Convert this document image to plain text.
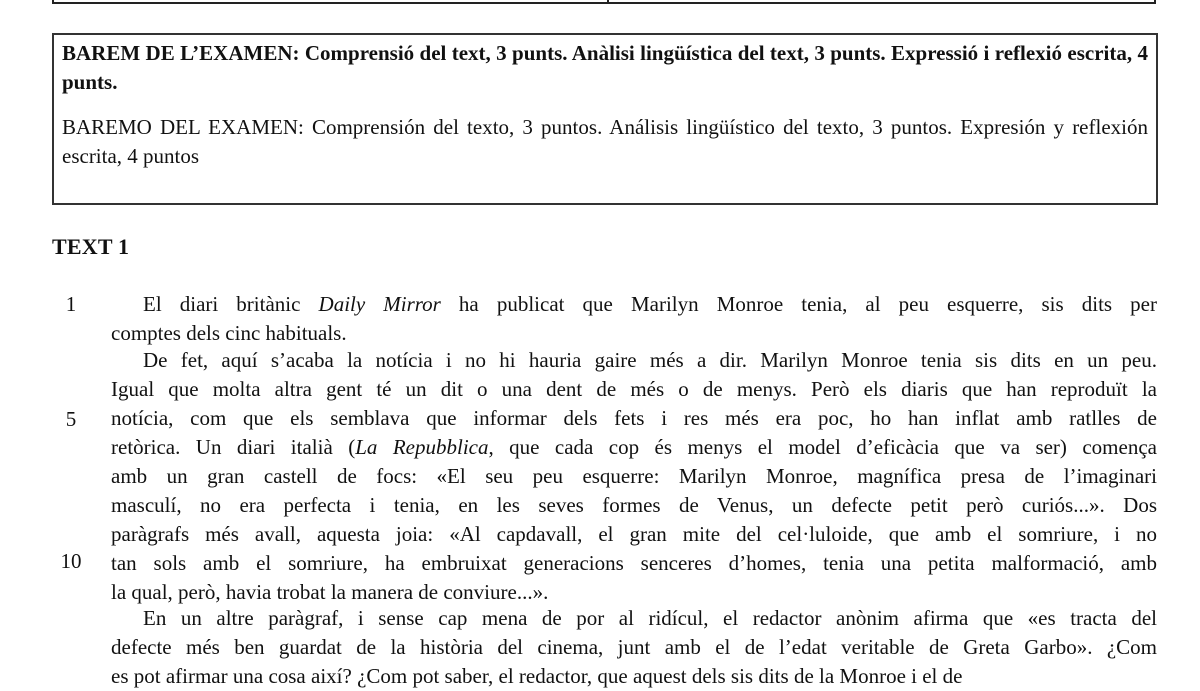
BAREM DE L’EXAMEN: Comprensió del text, 3 punts. Anàlisi lingüística del text, 3 punts. Expressió i reflexió escrita, 4 punts.

BAREMO DEL EXAMEN: Comprensión del texto, 3 puntos. Análisis lingüístico del texto, 3 puntos. Expresión y reflexión escrita, 4 puntos

TEXT 1
1
5
10
El diari britànic Daily Mirror ha publicat que Marilyn Monroe tenia, al peu esquerre, sis dits per
comptes dels cinc habituals.
De fet, aquí s’acaba la notícia i no hi hauria gaire més a dir. Marilyn Monroe tenia sis dits en un peu.
Igual que molta altra gent té un dit o una dent de més o de menys. Però els diaris que han reproduït la
notícia, com que els semblava que informar dels fets i res més era poc, ho han inflat amb ratlles de
retòrica. Un diari italià (La Repubblica, que cada cop és menys el model d’eficàcia que va ser) comença
amb un gran castell de focs: «El seu peu esquerre: Marilyn Monroe, magnífica presa de l’imaginari
masculí, no era perfecta i tenia, en les seves formes de Venus, un defecte petit però curiós...». Dos
paràgrafs més avall, aquesta joia: «Al capdavall, el gran mite del cel·luloide, que amb el somriure, i no
tan sols amb el somriure, ha embruixat generacions senceres d’homes, tenia una petita malformació, amb
la qual, però, havia trobat la manera de conviure...».
En un altre paràgraf, i sense cap mena de por al ridícul, el redactor anònim afirma que «es tracta del
defecte més ben guardat de la història del cinema, junt amb el de l’edat veritable de Greta Garbo». ¿Com
es pot afirmar una cosa així? ¿Com pot saber, el redactor, que aquest dels sis dits de la Monroe i el de
